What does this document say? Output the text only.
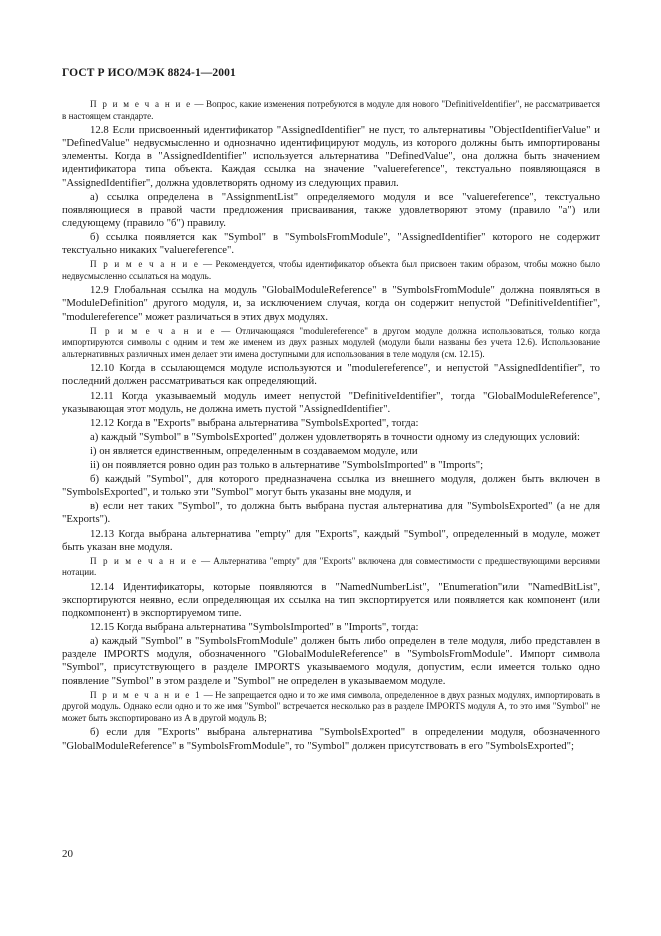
ГОСТ Р ИСО/МЭК 8824-1—2001

П р и м е ч а н и е — Вопрос, какие изменения потребуются в модуле для нового "DefinitiveIdentifier", не рассматривается в настоящем стандарте.

12.8 Если присвоенный идентификатор "AssignedIdentifier" не пуст, то альтернативы "ObjectIdentifierValue" и "DefinedValue" недвусмысленно и однозначно идентифицируют модуль, из которого должны быть импортированы элементы. Когда в "AssignedIdentifier" используется альтернатива "DefinedValue", она должна быть значением идентификатора типа объекта. Каждая ссылка на значение "valuereference", текстуально появляющаяся в "AssignedIdentifier", должна удовлетворять одному из следующих правил.

а) ссылка определена в "AssignmentList" определяемого модуля и все "valuereference", текстуально появляющиеся в правой части предложения присваивания, также удовлетворяют этому (правило "а") или следующему (правило "б") правилу.

б) ссылка появляется как "Symbol" в "SymbolsFromModule", "AssignedIdentifier" которого не содержит текстуально никаких "valuereference".

П р и м е ч а н и е — Рекомендуется, чтобы идентификатор объекта был присвоен таким образом, чтобы можно было недвусмысленно ссылаться на модуль.

12.9 Глобальная ссылка на модуль "GlobalModuleReference" в "SymbolsFromModule" должна появляться в "ModuleDefinition" другого модуля, и, за исключением случая, когда он содержит непустой "DefinitiveIdentifier", "modulereference" может различаться в этих двух модулях.

П р и м е ч а н и е — Отличающаяся "modulereference" в другом модуле должна использоваться, только когда импортируются символы с одним и тем же именем из двух разных модулей (модули были названы без учета 12.6). Использование альтернативных различных имен делает эти имена доступными для использования в теле модуля (см. 12.15).

12.10 Когда в ссылающемся модуле используются и "modulereference", и непустой "AssignedIdentifier", то последний должен рассматриваться как определяющий.

12.11 Когда указываемый модуль имеет непустой "DefinitiveIdentifier", тогда "GlobalModuleReference", указывающая этот модуль, не должна иметь пустой "AssignedIdentifier".

12.12 Когда в "Exports" выбрана альтернатива "SymbolsExported", тогда:

а) каждый "Symbol" в "SymbolsExported" должен удовлетворять в точности одному из следующих условий:

i) он является единственным, определенным в создаваемом модуле, или

ii) он появляется ровно один раз только в альтернативе "SymbolsImported" в "Imports";

б) каждый "Symbol", для которого предназначена ссылка из внешнего модуля, должен быть включен в "SymbolsExported", и только эти "Symbol" могут быть указаны вне модуля, и

в) если нет таких "Symbol", то должна быть выбрана пустая альтернатива для "SymbolsExported" (а не для "Exports").

12.13 Когда выбрана альтернатива "empty" для "Exports", каждый "Symbol", определенный в модуле, может быть указан вне модуля.

П р и м е ч а н и е — Альтернатива "empty" для "Exports" включена для совместимости с предшествующими версиями нотации.

12.14 Идентификаторы, которые появляются в "NamedNumberList", "Enumeration"или "NamedBitList", экспортируются неявно, если определяющая их ссылка на тип экспортируется или появляется как компонент (или подкомпонент) в экспортируемом типе.

12.15 Когда выбрана альтернатива "SymbolsImported" в "Imports", тогда:

а) каждый "Symbol" в "SymbolsFromModule" должен быть либо определен в теле модуля, либо представлен в разделе IMPORTS модуля, обозначенного "GlobalModuleReference" в "SymbolsFromModule". Импорт символа "Symbol", присутствующего в разделе IMPORTS указываемого модуля, допустим, если имеется только одно появление "Symbol" в этом разделе и "Symbol" не определен в указываемом модуле.

П р и м е ч а н и е 1 — Не запрещается одно и то же имя символа, определенное в двух разных модулях, импортировать в другой модуль. Однако если одно и то же имя "Symbol" встречается несколько раз в разделе IMPORTS модуля А, то это имя "Symbol" не может быть экспортировано из А в другой модуль В;

б) если для "Exports" выбрана альтернатива "SymbolsExported" в определении модуля, обозначенного "GlobalModuleReference" в "SymbolsFromModule", то "Symbol" должен присутствовать в его "SymbolsExported";

20
